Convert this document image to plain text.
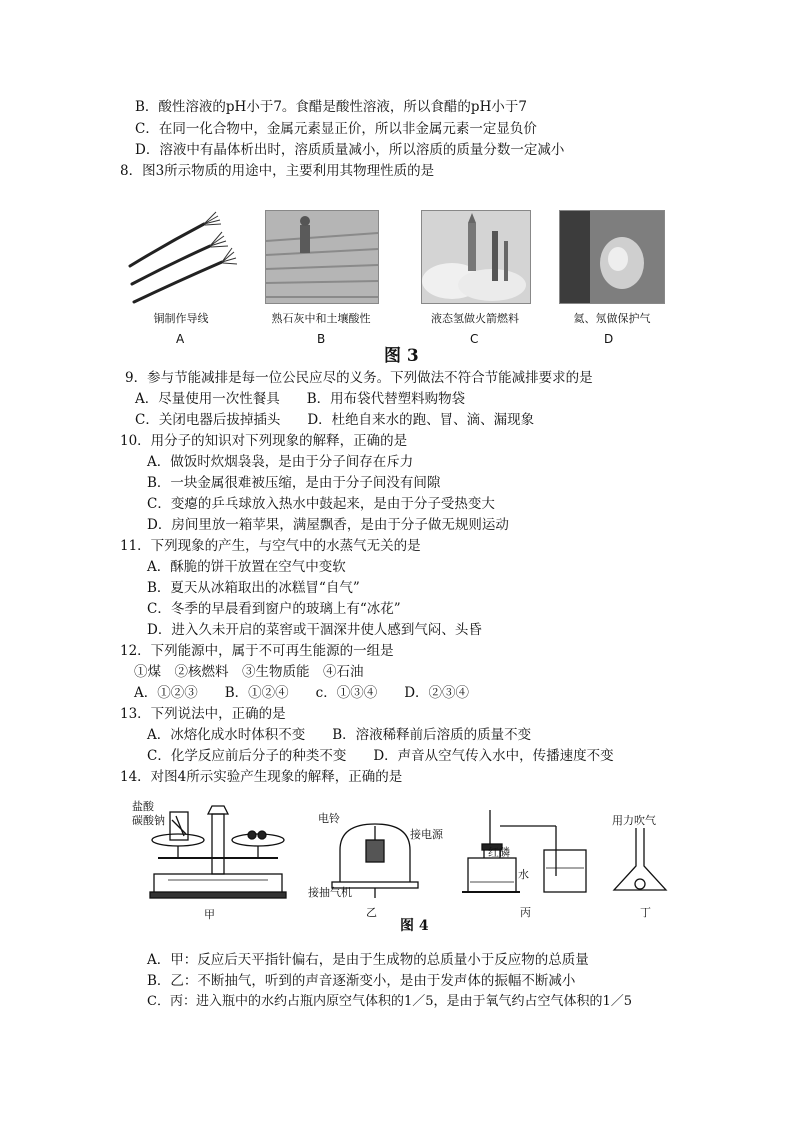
B．酸性溶液的pH小于7。食醋是酸性溶液，所以食醋的pH小于7
C．在同一化合物中，金属元素显正价，所以非金属元素一定显负价
D．溶液中有晶体析出时，溶质质量减小，所以溶质的质量分数一定减小
8．图3所示物质的用途中，主要利用其物理性质的是
铜制作导线
A
熟石灰中和土壤酸性
B
液态氢做火箭燃料
C
氦、氖做保护气
D
图 3
9．参与节能减排是每一位公民应尽的义务。下列做法不符合节能减排要求的是
A．尽量使用一次性餐具　　B．用布袋代替塑料购物袋
C．关闭电器后拔掉插头　　D．杜绝自来水的跑、冒、滴、漏现象
10．用分子的知识对下列现象的解释，正确的是
A．做饭时炊烟袅袅，是由于分子间存在斥力
B．一块金属很难被压缩，是由于分子间没有间隙
C．变瘪的乒乓球放入热水中鼓起来，是由于分子受热变大
D．房间里放一箱苹果，满屋飘香，是由于分子做无规则运动
11．下列现象的产生，与空气中的水蒸气无关的是
A．酥脆的饼干放置在空气中变软
B．夏天从冰箱取出的冰糕冒“自气”
C．冬季的早晨看到窗户的玻璃上有“冰花”
D．进入久未开启的菜窖或干涸深井使人感到气闷、头昏
12．下列能源中，属于不可再生能源的一组是
①煤　②核燃料　③生物质能　④石油
A．①②③　　B．①②④　　c．①③④　　D．②③④
13．下列说法中，正确的是
A．冰熔化成水时体积不变　　B．溶液稀释前后溶质的质量不变
C．化学反应前后分子的种类不变　　D．声音从空气传入水中，传播速度不变
14．对图4所示实验产生现象的解释，正确的是
盐酸
碳酸钠
甲
电铃
接电源
接抽气机
乙
红磷
水
丙
用力吹气
丁
图 4
A．甲：反应后天平指针偏右，是由于生成物的总质量小于反应物的总质量
B．乙：不断抽气，听到的声音逐渐变小，是由于发声体的振幅不断减小
C．丙：进入瓶中的水约占瓶内原空气体积的1／5，是由于氧气约占空气体积的1／5
